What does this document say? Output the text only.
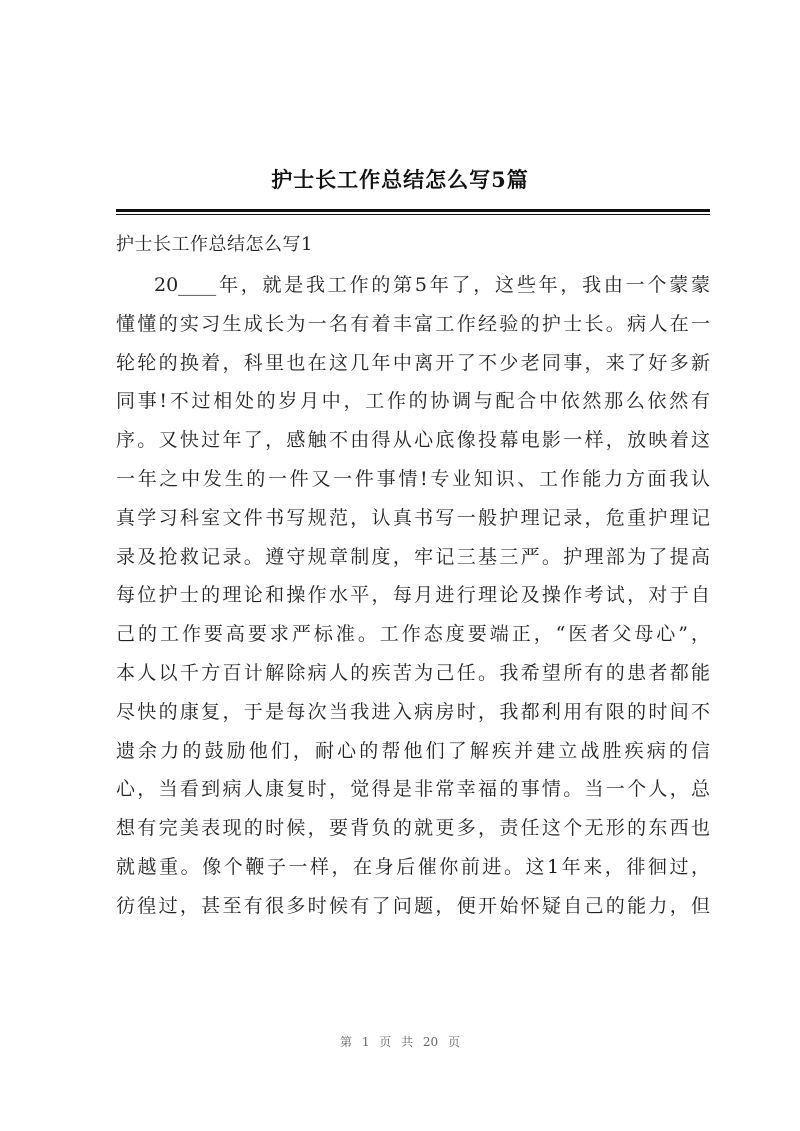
护士长工作总结怎么写5篇
护士长工作总结怎么写1
20____年，就是我工作的第5年了，这些年，我由一个蒙蒙
懂懂的实习生成长为一名有着丰富工作经验的护士长。病人在一
轮轮的换着，科里也在这几年中离开了不少老同事，来了好多新
同事!不过相处的岁月中，工作的协调与配合中依然那么依然有
序。又快过年了，感触不由得从心底像投幕电影一样，放映着这
一年之中发生的一件又一件事情!专业知识、工作能力方面我认
真学习科室文件书写规范，认真书写一般护理记录，危重护理记
录及抢救记录。遵守规章制度，牢记三基三严。护理部为了提高
每位护士的理论和操作水平，每月进行理论及操作考试，对于自
己的工作要高要求严标准。工作态度要端正，“医者父母心”，
本人以千方百计解除病人的疾苦为己任。我希望所有的患者都能
尽快的康复，于是每次当我进入病房时，我都利用有限的时间不
遗余力的鼓励他们，耐心的帮他们了解疾并建立战胜疾病的信
心，当看到病人康复时，觉得是非常幸福的事情。当一个人，总
想有完美表现的时候，要背负的就更多，责任这个无形的东西也
就越重。像个鞭子一样，在身后催你前进。这1年来，徘徊过，
彷徨过，甚至有很多时候有了问题，便开始怀疑自己的能力，但
第 1 页 共 20 页
